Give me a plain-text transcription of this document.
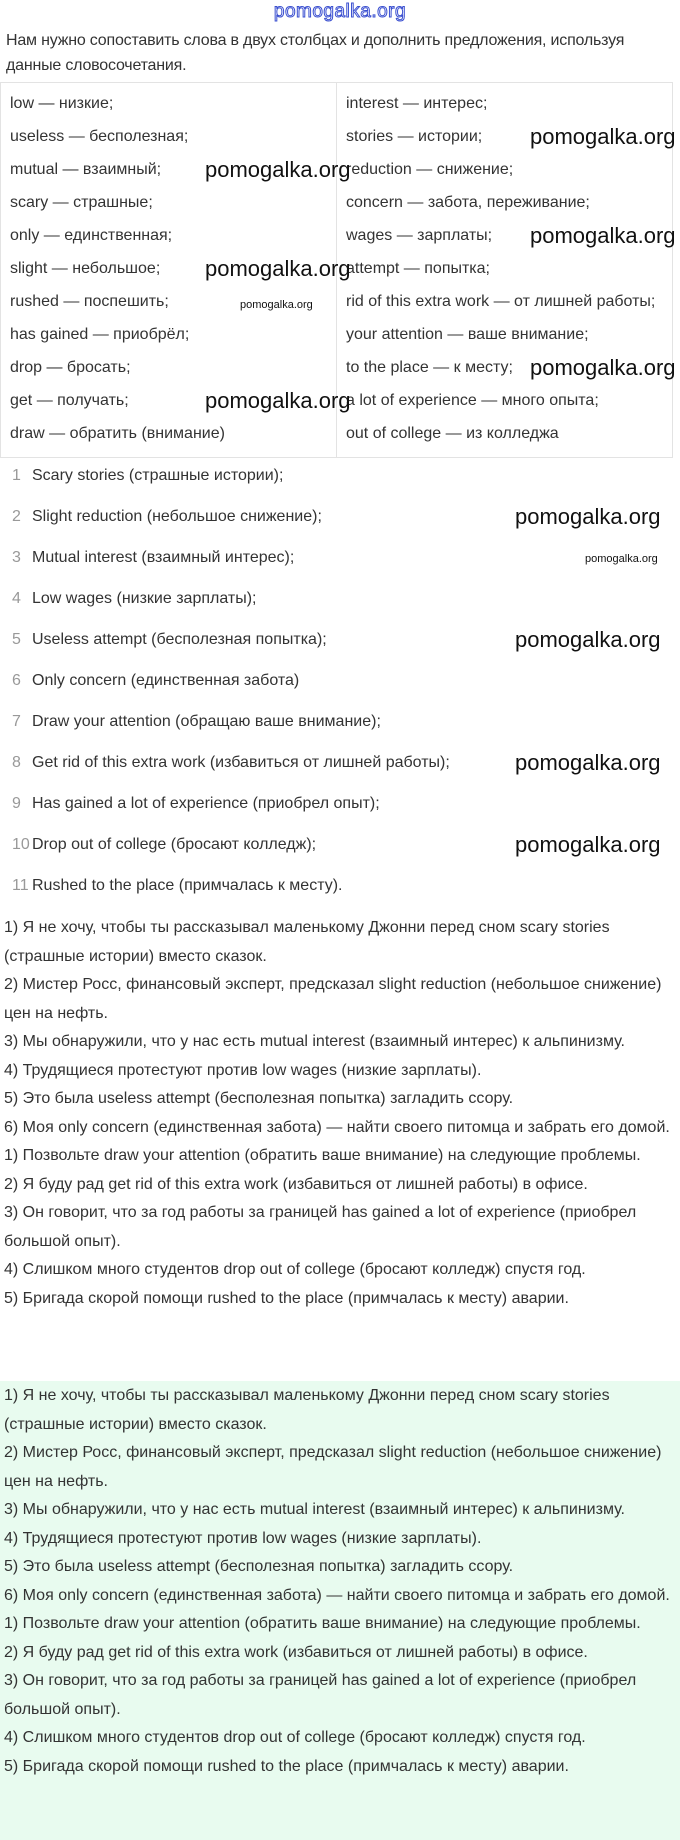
pomogalka.org

Нам нужно сопоставить слова в двух столбцах и дополнить предложения, используя данные словосочетания.

low — низкие;
useless — бесполезная;
mutual — взаимный;
scary — страшные;
only — единственная;
slight — небольшое;
rushed — поспешить;
has gained — приобрёл;
drop — бросать;
get — получать;
draw — обратить (внимание)
interest — интерес;
stories — истории;
reduction — снижение;
concern — забота, переживание;
wages — зарплаты;
attempt — попытка;
rid of this extra work — от лишней работы;
your attention — ваше внимание;
to the place — к месту;
a lot of experience — много опыта;
out of college — из колледжа
1 Scary stories (страшные истории);
2 Slight reduction (небольшое снижение);
3 Mutual interest (взаимный интерес);
4 Low wages (низкие зарплаты);
5 Useless attempt (бесполезная попытка);
6 Only concern (единственная забота)
7 Draw your attention (обращаю ваше внимание);
8 Get rid of this extra work (избавиться от лишней работы);
9 Has gained a lot of experience (приобрел опыт);
10 Drop out of college (бросают колледж);
11 Rushed to the place (примчалась к месту).

1) Я не хочу, чтобы ты рассказывал маленькому Джонни перед сном scary stories (страшные истории) вместо сказок.

2) Мистер Росс, финансовый эксперт, предсказал slight reduction (небольшое снижение) цен на нефть.

3) Мы обнаружили, что у нас есть mutual interest (взаимный интерес) к альпинизму.

4) Трудящиеся протестуют против low wages (низкие зарплаты).

5) Это была useless attempt (бесполезная попытка) загладить ссору.

6) Моя only concern (единственная забота) — найти своего питомца и забрать его домой.

1) Позвольте draw your attention (обратить ваше внимание) на следующие проблемы.

2) Я буду рад get rid of this extra work (избавиться от лишней работы) в офисе.

3) Он говорит, что за год работы за границей has gained a lot of experience (приобрел большой опыт).

4) Слишком много студентов drop out of college (бросают колледж) спустя год.

5) Бригада скорой помощи rushed to the place (примчалась к месту) аварии.

1) Я не хочу, чтобы ты рассказывал маленькому Джонни перед сном scary stories (страшные истории) вместо сказок.

2) Мистер Росс, финансовый эксперт, предсказал slight reduction (небольшое снижение) цен на нефть.

3) Мы обнаружили, что у нас есть mutual interest (взаимный интерес) к альпинизму.

4) Трудящиеся протестуют против low wages (низкие зарплаты).

5) Это была useless attempt (бесполезная попытка) загладить ссору.

6) Моя only concern (единственная забота) — найти своего питомца и забрать его домой.

1) Позвольте draw your attention (обратить ваше внимание) на следующие проблемы.

2) Я буду рад get rid of this extra work (избавиться от лишней работы) в офисе.

3) Он говорит, что за год работы за границей has gained a lot of experience (приобрел большой опыт).

4) Слишком много студентов drop out of college (бросают колледж) спустя год.

5) Бригада скорой помощи rushed to the place (примчалась к месту) аварии.

pomogalka.org
pomogalka.org
pomogalka.org
pomogalka.org
pomogalka.org
pomogalka.org
pomogalka.org
pomogalka.org
pomogalka.org
pomogalka.org
pomogalka.org
pomogalka.org
